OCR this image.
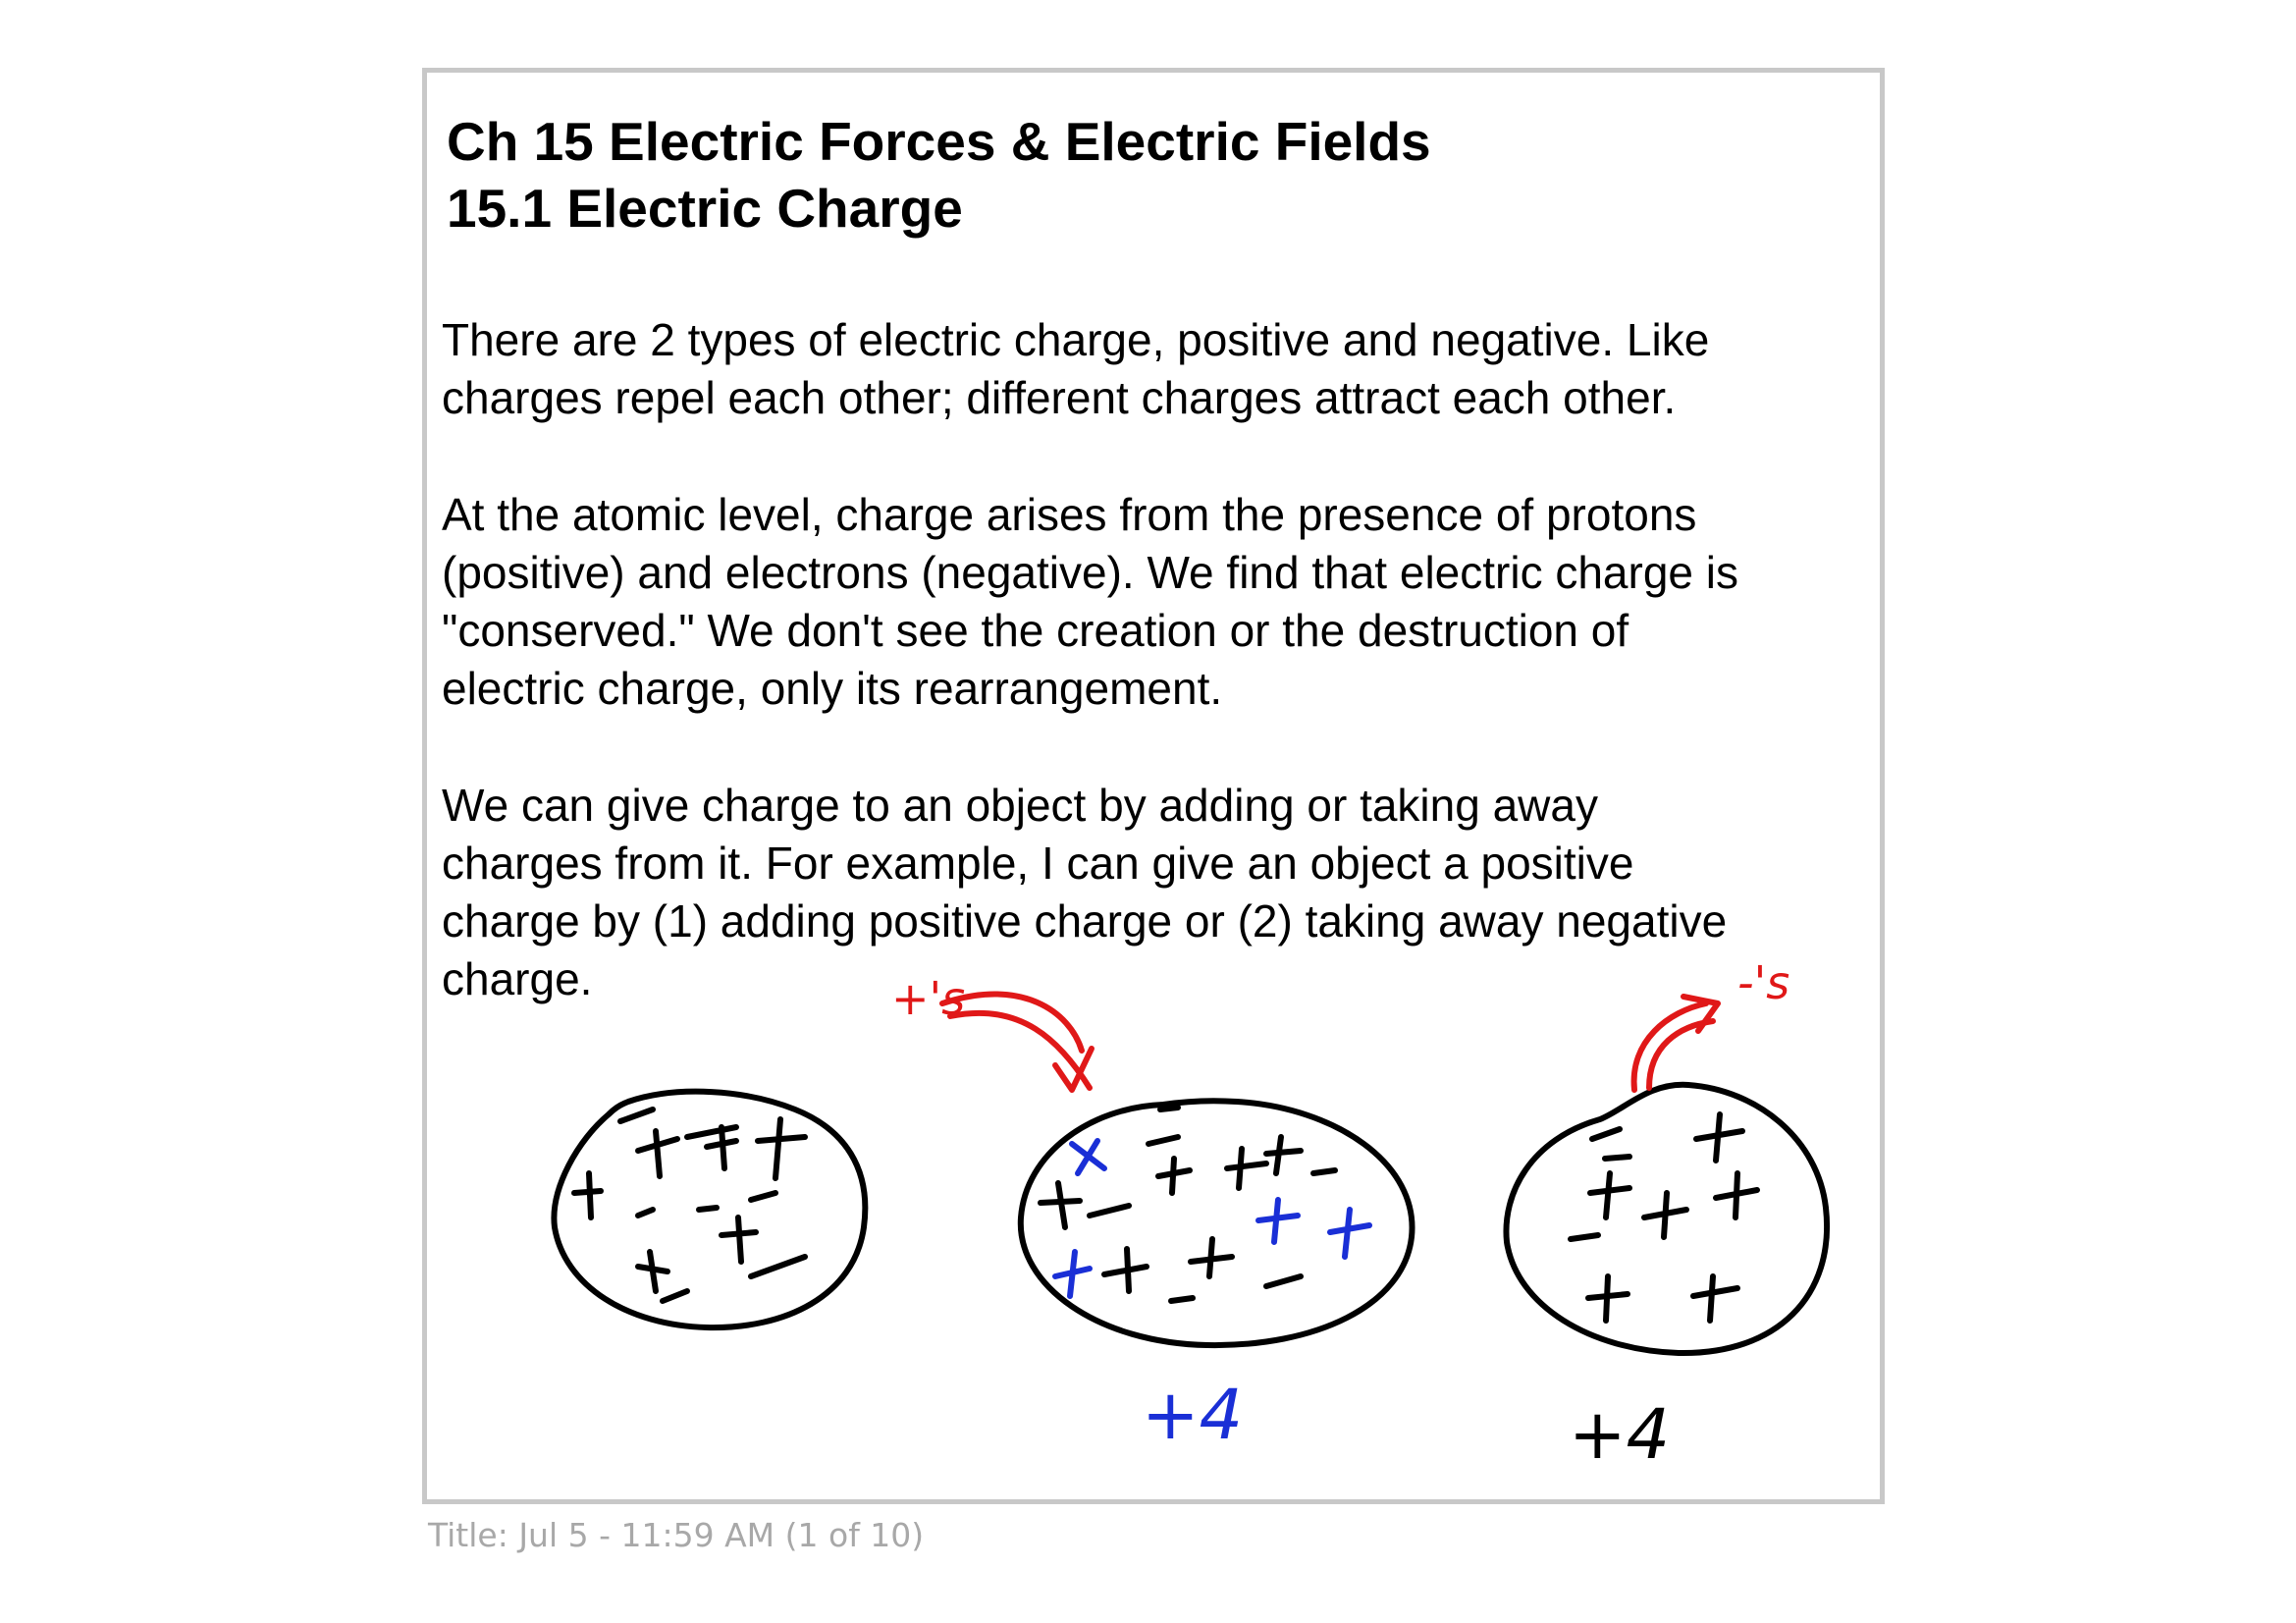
Ch 15 Electric Forces & Electric Fields
15.1 Electric Charge

There are 2 types of electric charge, positive and negative. Like
charges repel each other; different charges attract each other.

At the atomic level, charge arises from the presence of protons
(positive) and electrons (negative). We find that electric charge is
"conserved." We don't see the creation or the destruction of
electric charge, only its rearrangement.

We can give charge to an object by adding or taking away
charges from it. For example, I can give an object a positive
charge by (1) adding positive charge or (2) taking away negative
charge.	+'s	-'s
+4	+4
Title: Jul 5 - 11:59 AM (1 of 10)
